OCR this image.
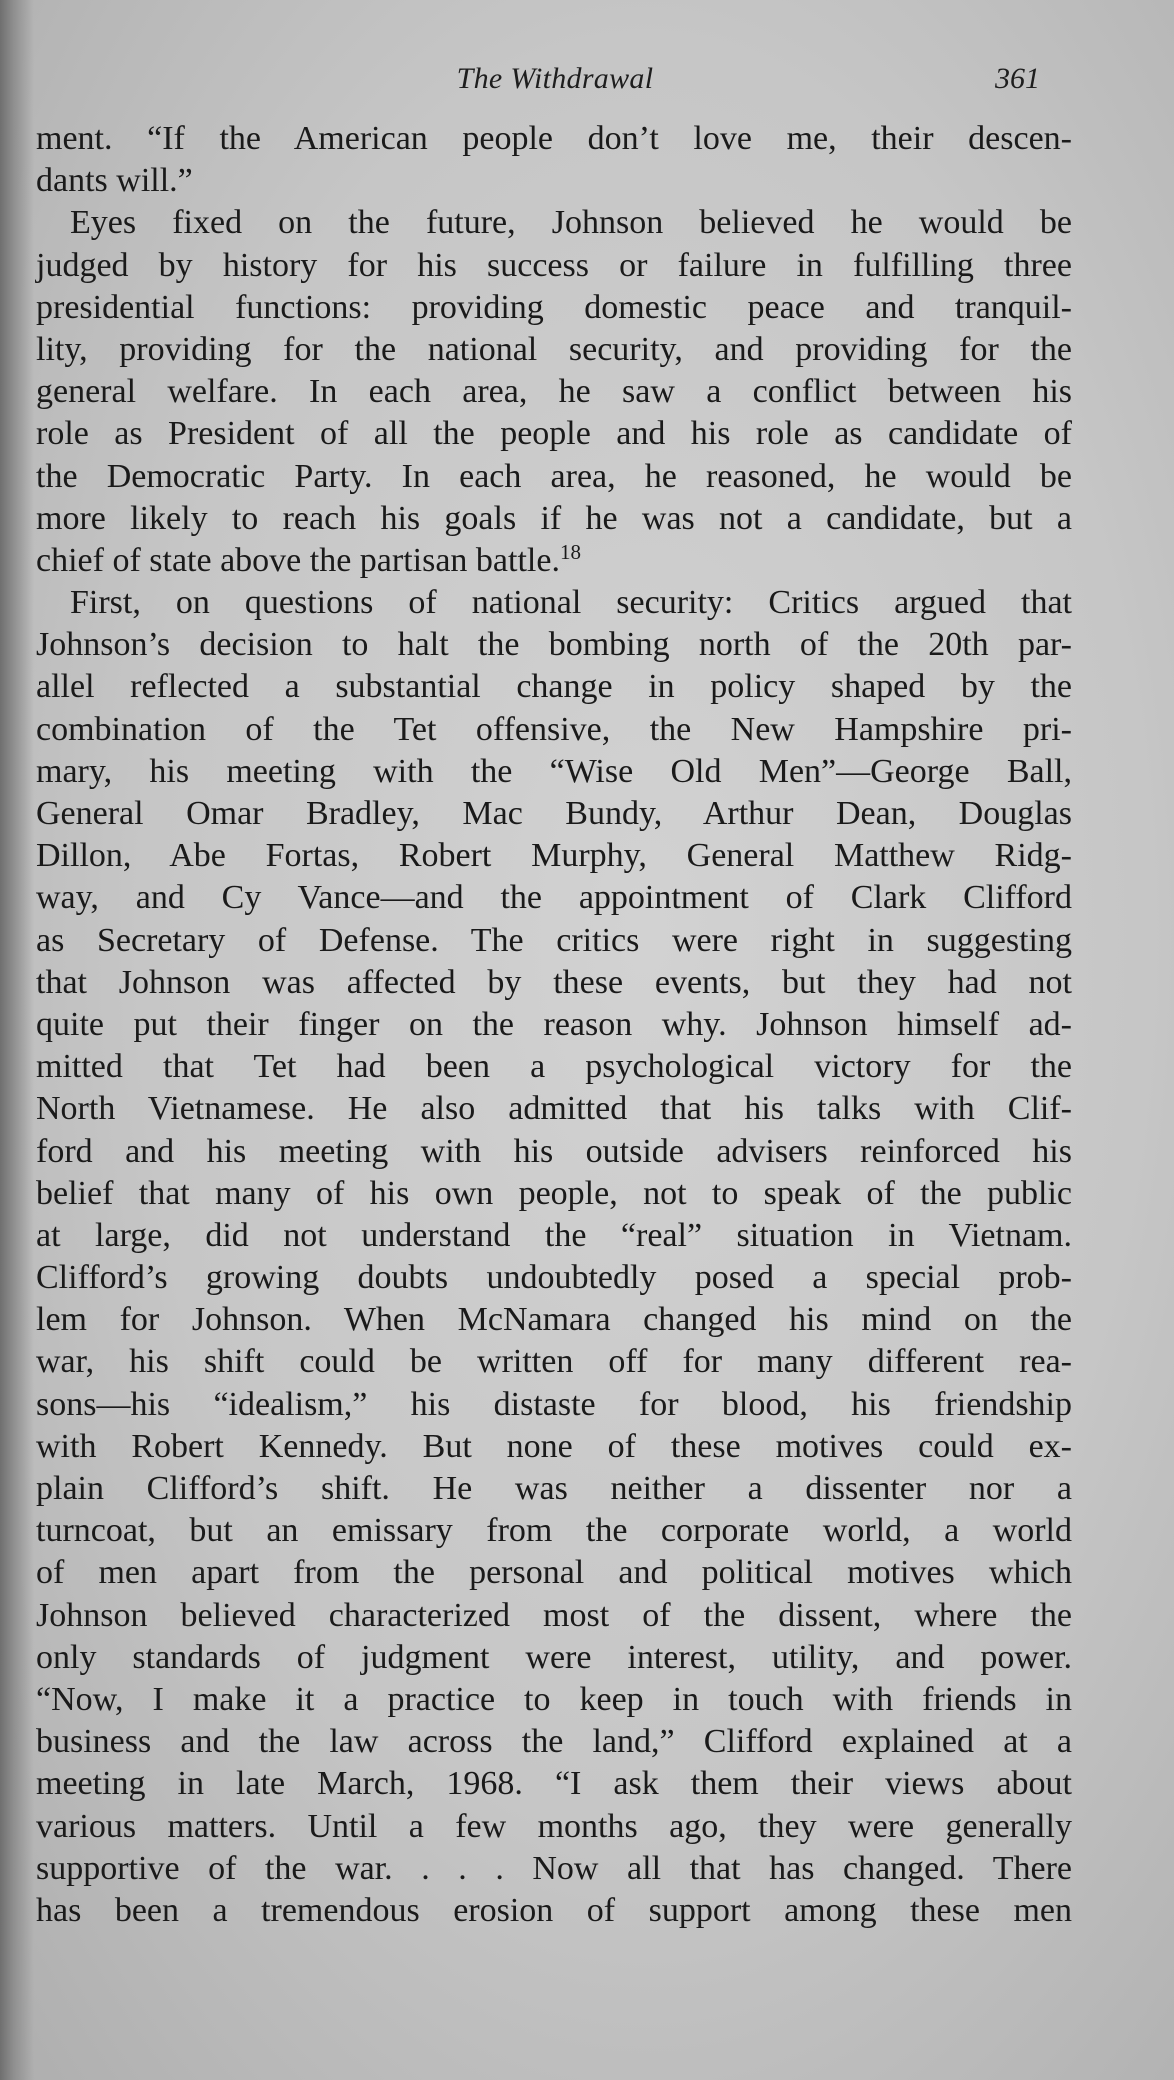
The Withdrawal	361
ment. “If the American people don’t love me, their descen-
dants will.”
Eyes fixed on the future, Johnson believed he would be
judged by history for his success or failure in fulfilling three
presidential functions: providing domestic peace and tranquil-
lity, providing for the national security, and providing for the
general welfare. In each area, he saw a conflict between his
role as President of all the people and his role as candidate of
the Democratic Party. In each area, he reasoned, he would be
more likely to reach his goals if he was not a candidate, but a
chief of state above the partisan battle.$^{18}$
First, on questions of national security: Critics argued that
Johnson’s decision to halt the bombing north of the 20th par-
allel reflected a substantial change in policy shaped by the
combination of the Tet offensive, the New Hampshire pri-
mary, his meeting with the “Wise Old Men”—George Ball,
General Omar Bradley, Mac Bundy, Arthur Dean, Douglas
Dillon, Abe Fortas, Robert Murphy, General Matthew Ridg-
way, and Cy Vance—and the appointment of Clark Clifford
as Secretary of Defense. The critics were right in suggesting
that Johnson was affected by these events, but they had not
quite put their finger on the reason why. Johnson himself ad-
mitted that Tet had been a psychological victory for the
North Vietnamese. He also admitted that his talks with Clif-
ford and his meeting with his outside advisers reinforced his
belief that many of his own people, not to speak of the public
at large, did not understand the “real” situation in Vietnam.
Clifford’s growing doubts undoubtedly posed a special prob-
lem for Johnson. When McNamara changed his mind on the
war, his shift could be written off for many different rea-
sons—his “idealism,” his distaste for blood, his friendship
with Robert Kennedy. But none of these motives could ex-
plain Clifford’s shift. He was neither a dissenter nor a
turncoat, but an emissary from the corporate world, a world
of men apart from the personal and political motives which
Johnson believed characterized most of the dissent, where the
only standards of judgment were interest, utility, and power.
“Now, I make it a practice to keep in touch with friends in
business and the law across the land,” Clifford explained at a
meeting in late March, 1968. “I ask them their views about
various matters. Until a few months ago, they were generally
supportive of the war. . . . Now all that has changed. There
has been a tremendous erosion of support among these men
